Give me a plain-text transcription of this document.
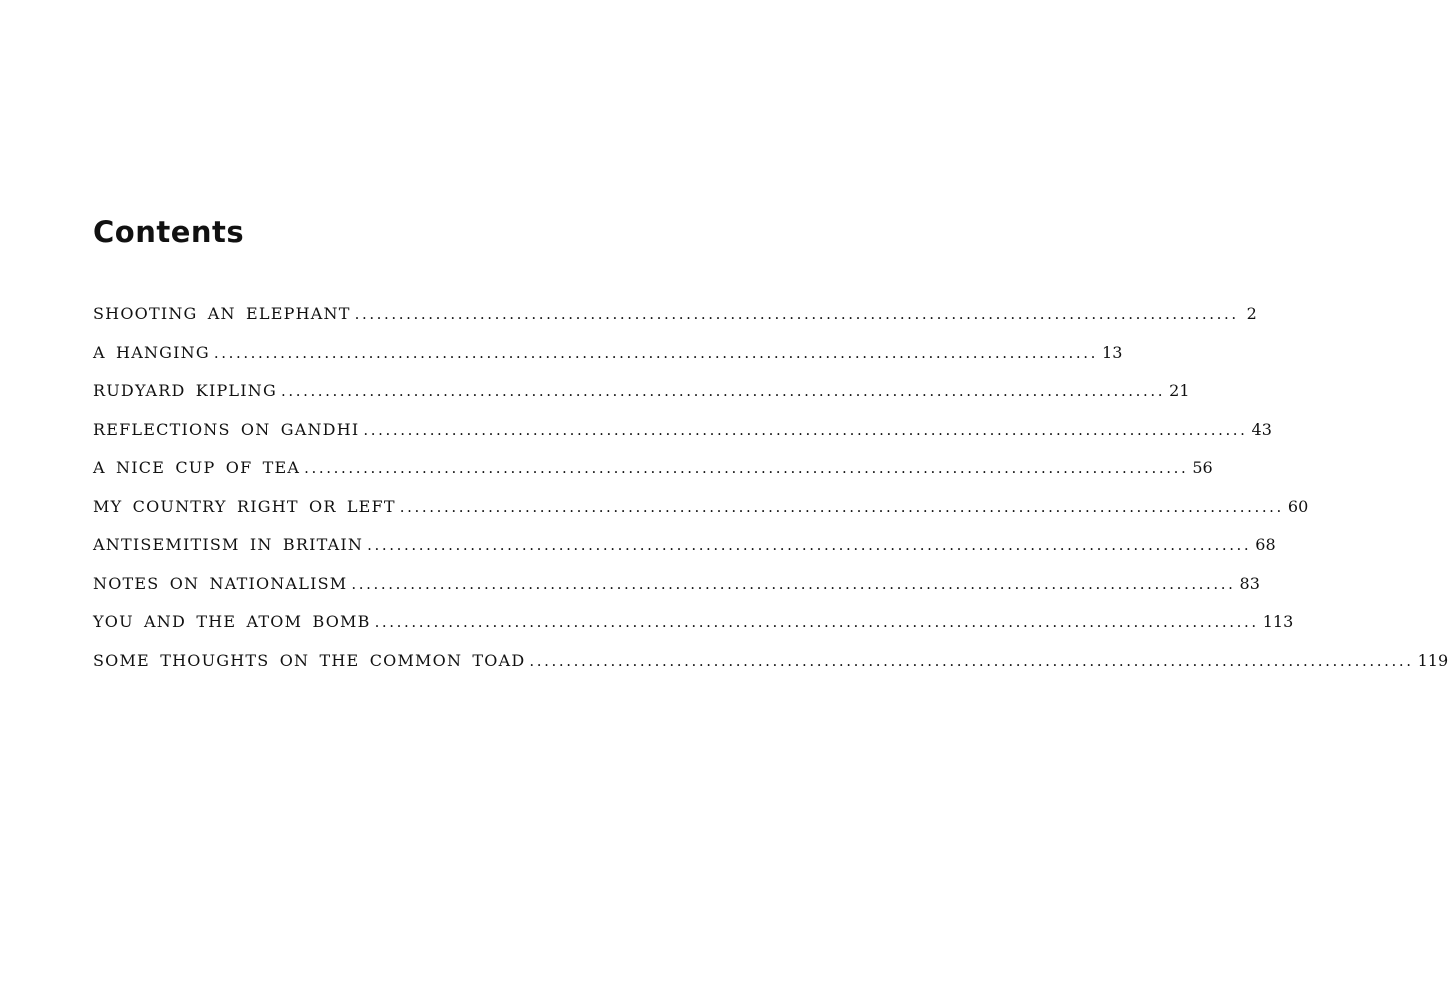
Contents
SHOOTING AN ELEPHANT ........................................................................................................................ 2
A HANGING ........................................................................................................................ 13
RUDYARD KIPLING ........................................................................................................................ 21
REFLECTIONS ON GANDHI ........................................................................................................................ 43
A NICE CUP OF TEA ........................................................................................................................ 56
MY COUNTRY RIGHT OR LEFT ........................................................................................................................ 60
ANTISEMITISM IN BRITAIN ........................................................................................................................ 68
NOTES ON NATIONALISM ........................................................................................................................ 83
YOU AND THE ATOM BOMB ........................................................................................................................ 113
SOME THOUGHTS ON THE COMMON TOAD ........................................................................................................................ 119
